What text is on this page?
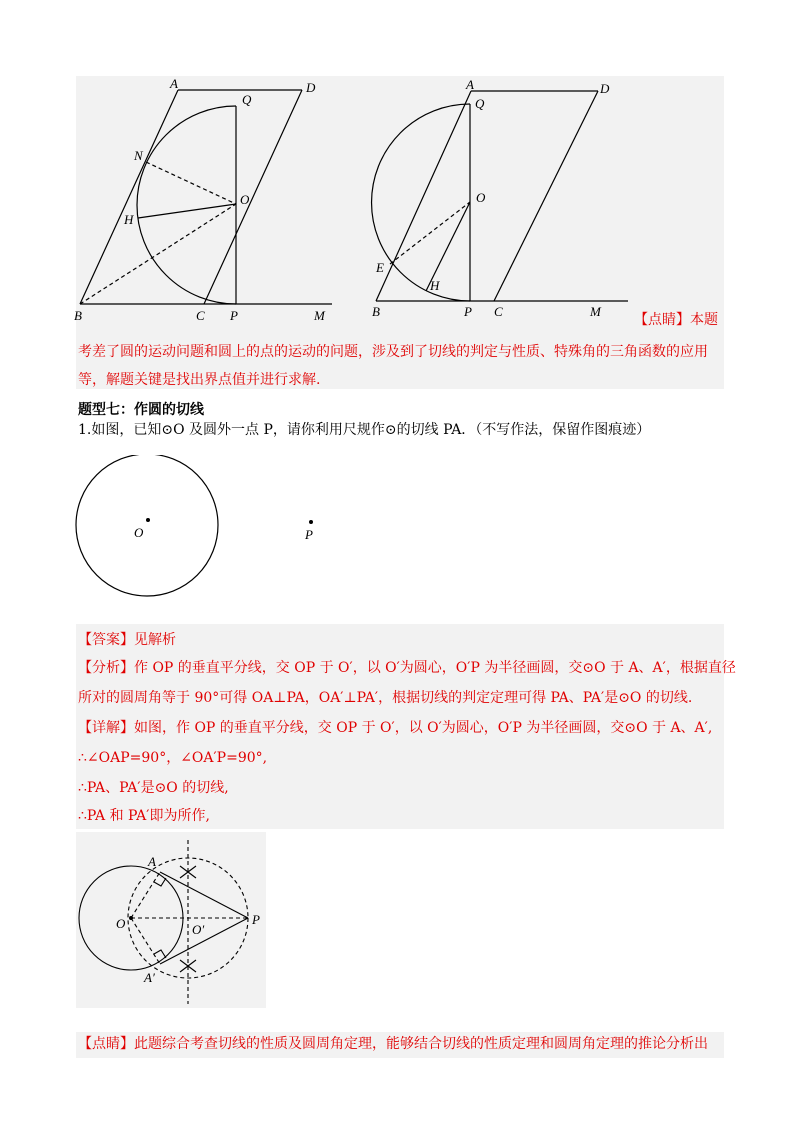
A	D
Q
N
O
H
B	C P	M
A	D
Q
O
E
H
B	P C	M
【点睛】本题
考差了圆的运动问题和圆上的点的运动的问题，涉及到了切线的判定与性质、特殊角的三角函数的应用
等，解题关键是找出界点值并进行求解.
题型七：作圆的切线
1.如图，已知⊙O 及圆外一点 P，请你利用尺规作⊙的切线 PA．（不写作法，保留作图痕迹）
O	P
【答案】见解析
【分析】作 OP 的垂直平分线，交 OP 于 O′，以 O′为圆心，O′P 为半径画圆，交⊙O 于 A、A′，根据直径
所对的圆周角等于 90°可得 OA⊥PA，OA′⊥PA′，根据切线的判定定理可得 PA、PA′是⊙O 的切线.
【详解】如图，作 OP 的垂直平分线，交 OP 于 O′，以 O′为圆心，O′P 为半径画圆，交⊙O 于 A、A′,
∴∠OAP=90°，∠OA′P=90°,
∴PA、PA′是⊙O 的切线,
∴PA 和 PA′即为所作,
A
A′
O	O′
P
【点睛】此题综合考查切线的性质及圆周角定理，能够结合切线的性质定理和圆周角定理的推论分析出
